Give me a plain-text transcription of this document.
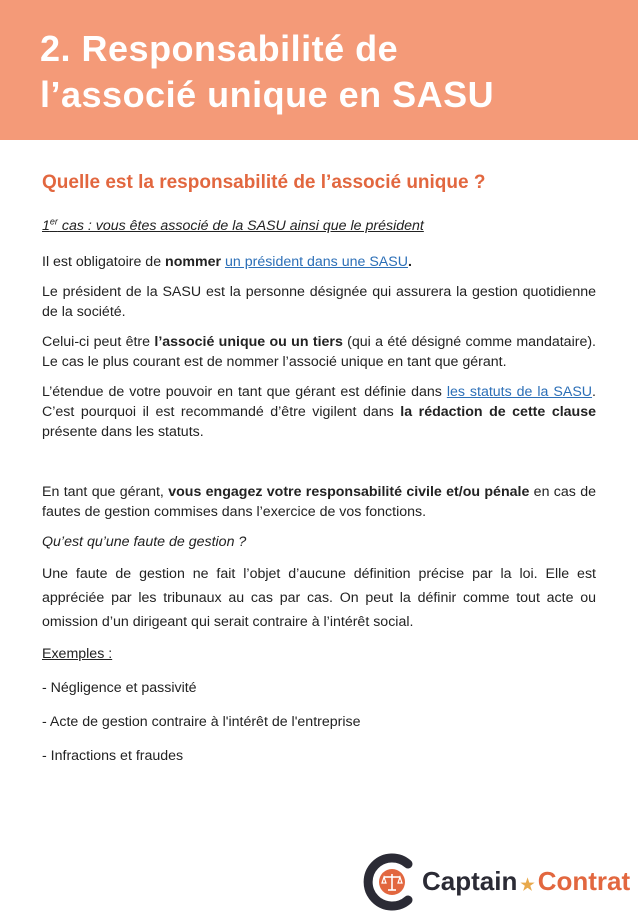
2. Responsabilité de
l’associé unique en SASU
Quelle est la responsabilité de l’associé unique ?

1er cas : vous êtes associé de la SASU ainsi que le président

Il est obligatoire de nommer un président dans une SASU.

Le président de la SASU est la personne désignée qui assurera la gestion quotidienne de la société.

Celui-ci peut être l’associé unique ou un tiers (qui a été désigné comme mandataire). Le cas le plus courant est de nommer l’associé unique en tant que gérant.

L’étendue de votre pouvoir en tant que gérant est définie dans les statuts de la SASU. C’est pourquoi il est recommandé d’être vigilent dans la rédaction de cette clause présente dans les statuts.

En tant que gérant, vous engagez votre responsabilité civile et/ou pénale en cas de fautes de gestion commises dans l’exercice de vos fonctions.

Qu’est qu’une faute de gestion ?

Une faute de gestion ne fait l’objet d’aucune définition précise par la loi. Elle est appréciée par les tribunaux au cas par cas. On peut la définir comme tout acte ou omission d’un dirigeant qui serait contraire à l’intérêt social.

Exemples :

- Négligence et passivité

- Acte de gestion contraire à l'intérêt de l'entreprise

- Infractions et fraudes

Captain ★ Contrat
